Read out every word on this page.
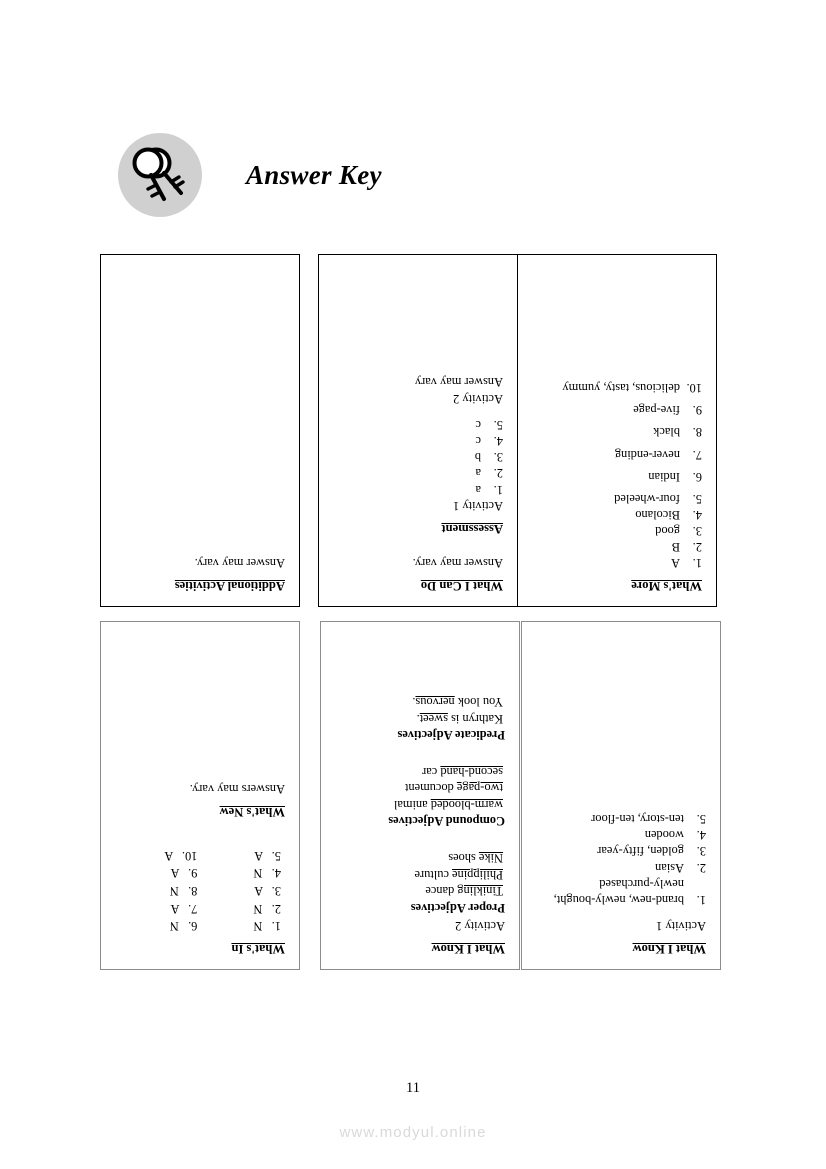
Answer Key
Additional Activities
Answer may vary.
What I Can Do
Answer may vary.
Assessment
Activity 1
1.
a
2.
a
3.
b
4.
c
5.
c
Activity 2
Answer may vary
What's More
1.
A
2.
B
3.
good
4.
Bicolano
5.
four-wheeled
6.
Indian
7.
never-ending
8.
black
9.
five-page
10.
delicious, tasty, yummy
What's In
1.   N
2.   N
3.   A
4.   N
5.   A
6.   N
7.   A
8.   N
9.   A
10.   A
What's New
Answers may vary.
What I Know
Activity 2
Proper Adjectives
Tinikling dance
Philippine culture
Nike shoes
Compound Adjectives
warm-blooded animal
two-page document
second-hand car
Predicate Adjectives
Kathryn is sweet.
You look nervous.
What I Know
Activity 1
1.
brand-new, newly-bought, newly-purchased
2.
Asian
3.
golden, fifty-year
4.
wooden
5.
ten-story, ten-floor
11
www.modyul.online
